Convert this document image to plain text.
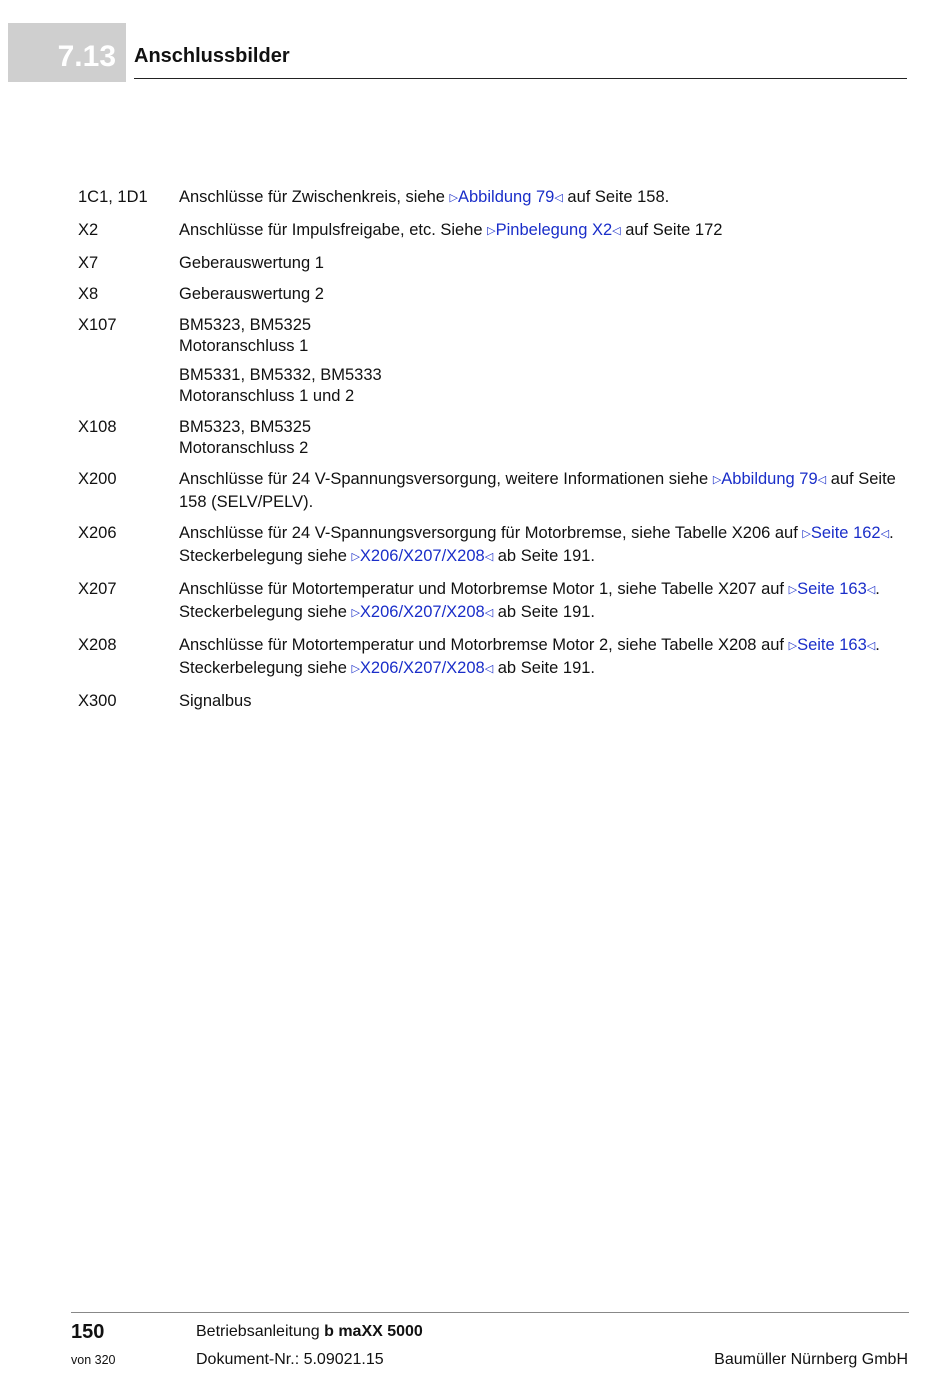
7.13 Anschlussbilder
1C1, 1D1	Anschlüsse für Zwischenkreis, siehe ▷Abbildung 79◁ auf Seite 158.
X2	Anschlüsse für Impulsfreigabe, etc. Siehe ▷Pinbelegung X2◁ auf Seite 172
X7	Geberauswertung 1
X8	Geberauswertung 2
X107	BM5323, BM5325
Motoranschluss 1
BM5331, BM5332, BM5333
Motoranschluss 1 und 2
X108	BM5323, BM5325
Motoranschluss 2
X200	Anschlüsse für 24 V-Spannungsversorgung, weitere Informationen siehe ▷Abbildung 79◁ auf Seite 158 (SELV/PELV).
X206	Anschlüsse für 24 V-Spannungsversorgung für Motorbremse, siehe Tabelle X206 auf ▷Seite 162◁. Steckerbelegung siehe ▷X206/X207/X208◁ ab Seite 191.
X207	Anschlüsse für Motortemperatur und Motorbremse Motor 1, siehe Tabelle X207 auf ▷Seite 163◁. Steckerbelegung siehe ▷X206/X207/X208◁ ab Seite 191.
X208	Anschlüsse für Motortemperatur und Motorbremse Motor 2, siehe Tabelle X208 auf ▷Seite 163◁. Steckerbelegung siehe ▷X206/X207/X208◁ ab Seite 191.
X300	Signalbus
150
von 320
Betriebsanleitung b maXX 5000
Dokument-Nr.: 5.09021.15	Baumüller Nürnberg GmbH
